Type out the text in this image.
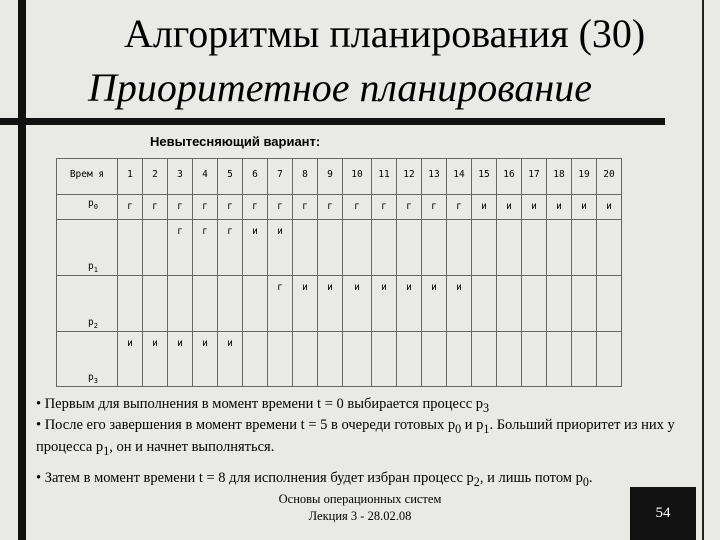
Алгоритмы планирования (30)
Приоритетное планирование
Невытесняющий вариант:
Врем я	1	2	3	4	5	6	7	8	9	10	11	12	13	14	15	16	17	18	19	20
$p_0$	г	г	г	г	г	г	г	г	г	г	г	г	г	г	и	и	и	и	и	и
$p_1$			г	г	г	и	и													
$p_2$							г	и	и	и	и	и	и	и						
$p_3$	и	и	и	и	и															

• Первым для выполнения в момент времени t = 0 выбирается процесс $p_3$

• После его завершения в момент времени t = 5 в очереди готовых $p_0$ и $p_1$. Больший приоритет из них у процесса $p_1$, он и начнет выполняться.

• Затем в момент времени t = 8 для исполнения будет избран процесс $p_2$, и лишь потом $p_0$.

Основы операционных систем
Лекция 3 - 28.02.08	54
